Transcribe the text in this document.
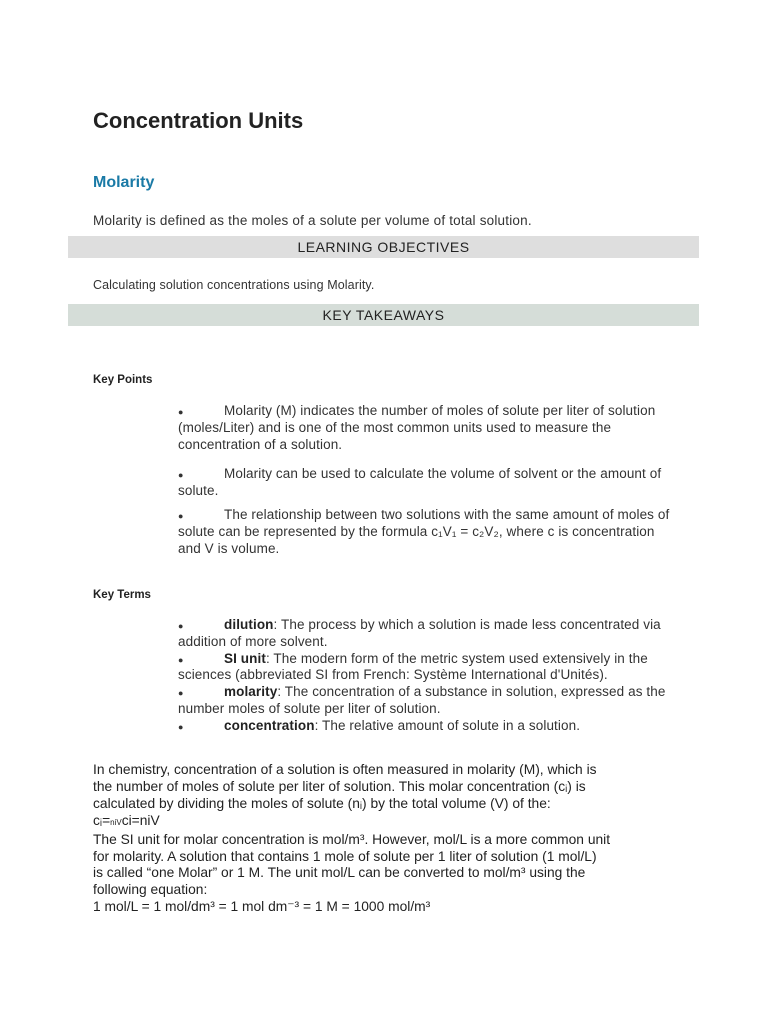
Concentration Units
Molarity
Molarity is defined as the moles of a solute per volume of total solution.
LEARNING OBJECTIVES
Calculating solution concentrations using Molarity.
KEY TAKEAWAYS
Key Points
●	Molarity (M) indicates the number of moles of solute per liter of solution (moles/Liter) and is one of the most common units used to measure the concentration of a solution.
●	Molarity can be used to calculate the volume of solvent or the amount of solute.
●	The relationship between two solutions with the same amount of moles of solute can be represented by the formula c₁V₁ = c₂V₂, where c is concentration and V is volume.
Key Terms
●	dilution: The process by which a solution is made less concentrated via addition of more solvent.
●	SI unit: The modern form of the metric system used extensively in the sciences (abbreviated SI from French: Système International d'Unités).
●	molarity: The concentration of a substance in solution, expressed as the number moles of solute per liter of solution.
●	concentration: The relative amount of solute in a solution.
In chemistry, concentration of a solution is often measured in molarity (M), which is
the number of moles of solute per liter of solution. This molar concentration (cᵢ) is
calculated by dividing the moles of solute (nᵢ) by the total volume (V) of the:
cᵢ=niVci=niV
The SI unit for molar concentration is mol/m³. However, mol/L is a more common unit
for molarity. A solution that contains 1 mole of solute per 1 liter of solution (1 mol/L)
is called “one Molar” or 1 M. The unit mol/L can be converted to mol/m³ using the
following equation:
1 mol/L = 1 mol/dm³ = 1 mol dm⁻³ = 1 M = 1000 mol/m³
